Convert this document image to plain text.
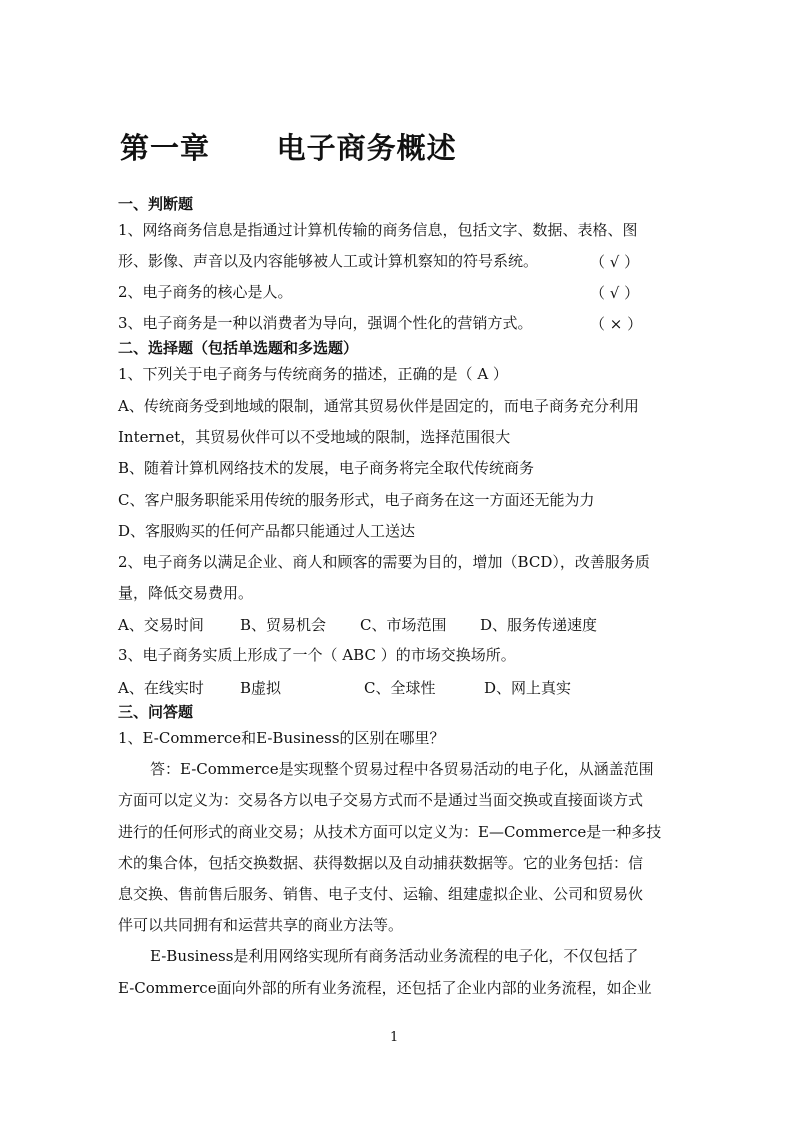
第一章      电子商务概述
一、判断题
1、网络商务信息是指通过计算机传输的商务信息，包括文字、数据、表格、图
形、影像、声音以及内容能够被人工或计算机察知的符号系统。	（ √ ）
2、电子商务的核心是人。	（ √ ）
3、电子商务是一种以消费者为导向，强调个性化的营销方式。	（ × ）
二、选择题（包括单选题和多选题）
1、下列关于电子商务与传统商务的描述，正确的是（ A ）
A、传统商务受到地域的限制，通常其贸易伙伴是固定的，而电子商务充分利用
Internet，其贸易伙伴可以不受地域的限制，选择范围很大
B、随着计算机网络技术的发展，电子商务将完全取代传统商务
C、客户服务职能采用传统的服务形式，电子商务在这一方面还无能为力
D、客服购买的任何产品都只能通过人工送达
2、电子商务以满足企业、商人和顾客的需要为目的，增加（BCD），改善服务质
量，降低交易费用。
A、交易时间 B、贸易机会 C、市场范围 D、服务传递速度
3、电子商务实质上形成了一个（ ABC ）的市场交换场所。
A、在线实时 B虚拟	C、全球性	D、网上真实
三、问答题
1、E-Commerce和E-Business的区别在哪里？
答：E-Commerce是实现整个贸易过程中各贸易活动的电子化，从涵盖范围
方面可以定义为：交易各方以电子交易方式而不是通过当面交换或直接面谈方式
进行的任何形式的商业交易；从技术方面可以定义为：E—Commerce是一种多技
术的集合体，包括交换数据、获得数据以及自动捕获数据等。它的业务包括：信
息交换、售前售后服务、销售、电子支付、运输、组建虚拟企业、公司和贸易伙
伴可以共同拥有和运营共享的商业方法等。
E-Business是利用网络实现所有商务活动业务流程的电子化，不仅包括了
E-Commerce面向外部的所有业务流程，还包括了企业内部的业务流程，如企业
1
